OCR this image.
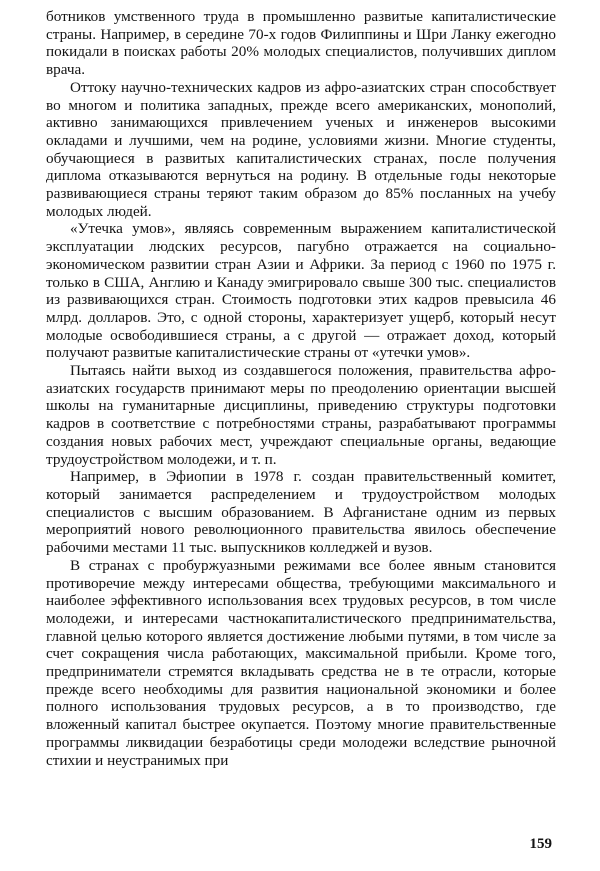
ботников умственного труда в промышленно развитые капиталистические страны. Например, в середине 70-х годов Филиппины и Шри Ланку ежегодно покидали в поисках работы 20% молодых специалистов, получивших диплом врача.

Оттоку научно-технических кадров из афро-азиатских стран способствует во многом и политика западных, прежде всего американских, монополий, активно занимающихся привлечением ученых и инженеров высокими окладами и лучшими, чем на родине, условиями жизни. Многие студенты, обучающиеся в развитых капиталистических странах, после получения диплома отказываются вернуться на родину. В отдельные годы некоторые развивающиеся страны теряют таким образом до 85% посланных на учебу молодых людей.

«Утечка умов», являясь современным выражением капиталистической эксплуатации людских ресурсов, пагубно отражается на социально-экономическом развитии стран Азии и Африки. За период с 1960 по 1975 г. только в США, Англию и Канаду эмигрировало свыше 300 тыс. специалистов из развивающихся стран. Стоимость подготовки этих кадров превысила 46 млрд. долларов. Это, с одной стороны, характеризует ущерб, который несут молодые освободившиеся страны, а с другой — отражает доход, который получают развитые капиталистические страны от «утечки умов».

Пытаясь найти выход из создавшегося положения, правительства афро-азиатских государств принимают меры по преодолению ориентации высшей школы на гуманитарные дисциплины, приведению структуры подготовки кадров в соответствие с потребностями страны, разрабатывают программы создания новых рабочих мест, учреждают специальные органы, ведающие трудоустройством молодежи, и т. п.

Например, в Эфиопии в 1978 г. создан правительственный комитет, который занимается распределением и трудоустройством молодых специалистов с высшим образованием. В Афганистане одним из первых мероприятий нового революционного правительства явилось обеспечение рабочими местами 11 тыс. выпускников колледжей и вузов.

В странах с пробуржуазными режимами все более явным становится противоречие между интересами общества, требующими максимального и наиболее эффективного использования всех трудовых ресурсов, в том числе молодежи, и интересами частнокапиталистического предпринимательства, главной целью которого является достижение любыми путями, в том числе за счет сокращения числа работающих, максимальной прибыли. Кроме того, предприниматели стремятся вкладывать средства не в те отрасли, которые прежде всего необходимы для развития национальной экономики и более полного использования трудовых ресурсов, а в то производство, где вложенный капитал быстрее окупается. Поэтому многие правительственные программы ликвидации безработицы среди молодежи вследствие рыночной стихии и неустранимых при

159
